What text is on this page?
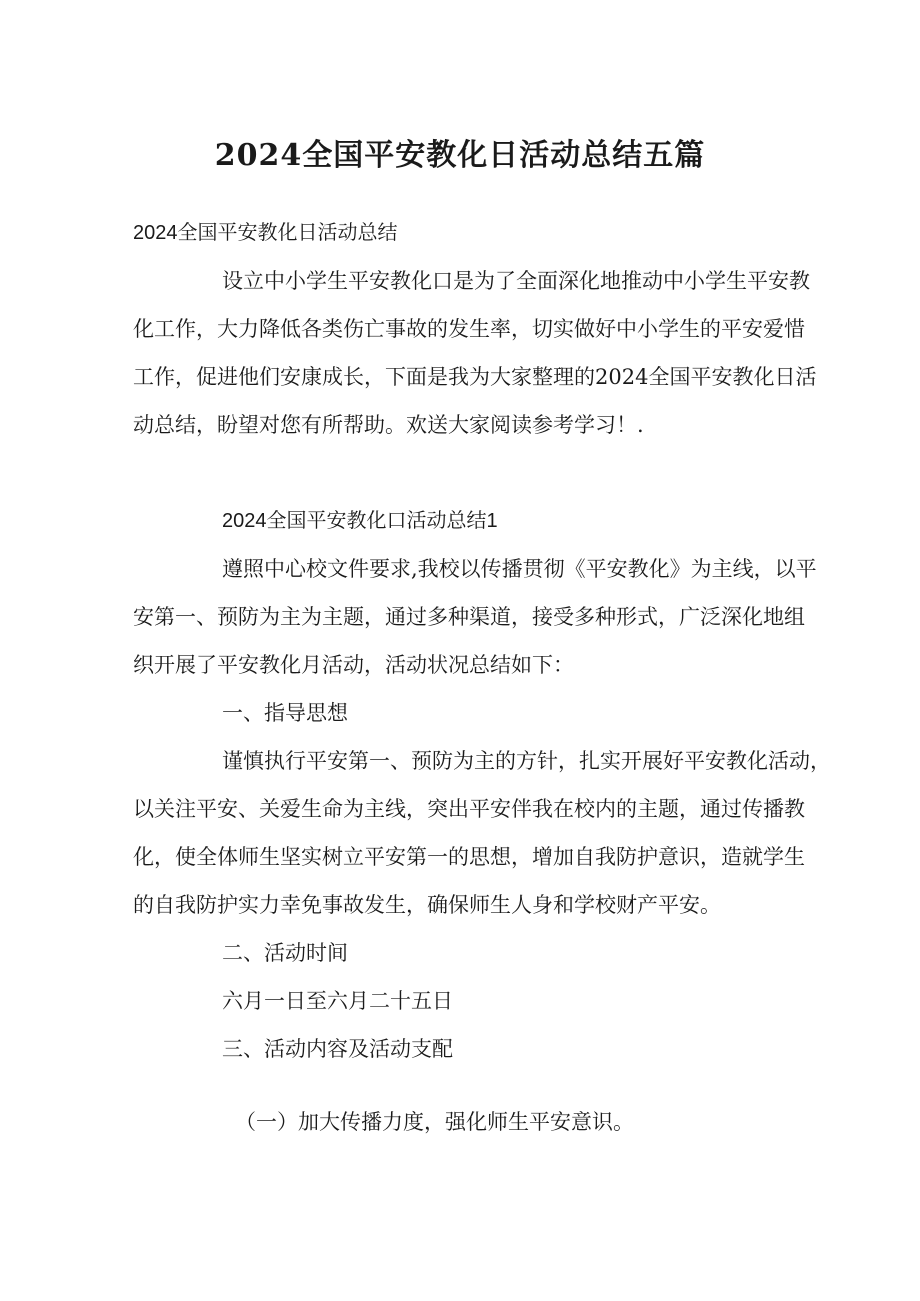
2024全国平安教化日活动总结五篇

2024全国平安教化日活动总结

设立中小学生平安教化口是为了全面深化地推动中小学生平安教

化工作，大力降低各类伤亡事故的发生率，切实做好中小学生的平安爱惜

工作，促进他们安康成长，下面是我为大家整理的2024全国平安教化日活

动总结，盼望对您有所帮助。欢送大家阅读参考学习！.

2024全国平安教化口活动总结1

遵照中心校文件要求,我校以传播贯彻《平安教化》为主线，以平

安第一、预防为主为主题，通过多种渠道，接受多种形式，广泛深化地组

织开展了平安教化月活动，活动状况总结如下：

一、指导思想

谨慎执行平安第一、预防为主的方针，扎实开展好平安教化活动，

以关注平安、关爱生命为主线，突出平安伴我在校内的主题，通过传播教

化，使全体师生坚实树立平安第一的思想，增加自我防护意识，造就学生

的自我防护实力幸免事故发生，确保师生人身和学校财产平安。

二、活动时间

六月一日至六月二十五日

三、活动内容及活动支配

（一）加大传播力度，强化师生平安意识。
